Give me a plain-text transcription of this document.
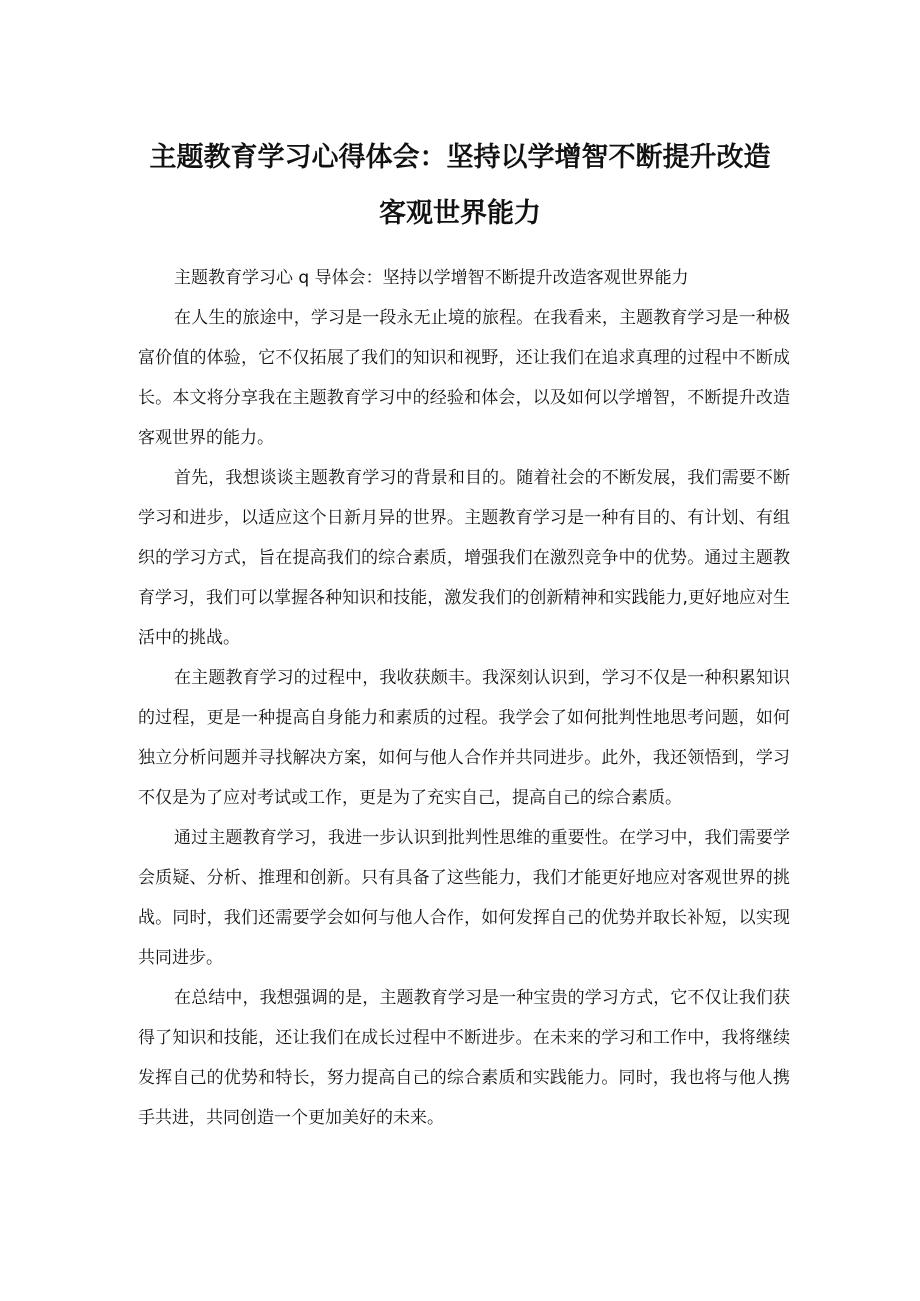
主题教育学习心得体会：坚持以学增智不断提升改造
客观世界能力

主题教育学习心 q 导体会：坚持以学增智不断提升改造客观世界能力

在人生的旅途中，学习是一段永无止境的旅程。在我看来，主题教育学习是一种极富价值的体验，它不仅拓展了我们的知识和视野，还让我们在追求真理的过程中不断成长。本文将分享我在主题教育学习中的经验和体会，以及如何以学增智，不断提升改造客观世界的能力。

首先，我想谈谈主题教育学习的背景和目的。随着社会的不断发展，我们需要不断学习和进步，以适应这个日新月异的世界。主题教育学习是一种有目的、有计划、有组织的学习方式，旨在提高我们的综合素质，增强我们在激烈竞争中的优势。通过主题教育学习，我们可以掌握各种知识和技能，激发我们的创新精神和实践能力,更好地应对生活中的挑战。

在主题教育学习的过程中，我收获颇丰。我深刻认识到，学习不仅是一种积累知识的过程，更是一种提高自身能力和素质的过程。我学会了如何批判性地思考问题，如何独立分析问题并寻找解决方案，如何与他人合作并共同进步。此外，我还领悟到，学习不仅是为了应对考试或工作，更是为了充实自己，提高自己的综合素质。

通过主题教育学习，我进一步认识到批判性思维的重要性。在学习中，我们需要学会质疑、分析、推理和创新。只有具备了这些能力，我们才能更好地应对客观世界的挑战。同时，我们还需要学会如何与他人合作，如何发挥自己的优势并取长补短，以实现共同进步。

在总结中，我想强调的是，主题教育学习是一种宝贵的学习方式，它不仅让我们获得了知识和技能，还让我们在成长过程中不断进步。在未来的学习和工作中，我将继续发挥自己的优势和特长，努力提高自己的综合素质和实践能力。同时，我也将与他人携手共进，共同创造一个更加美好的未来。
